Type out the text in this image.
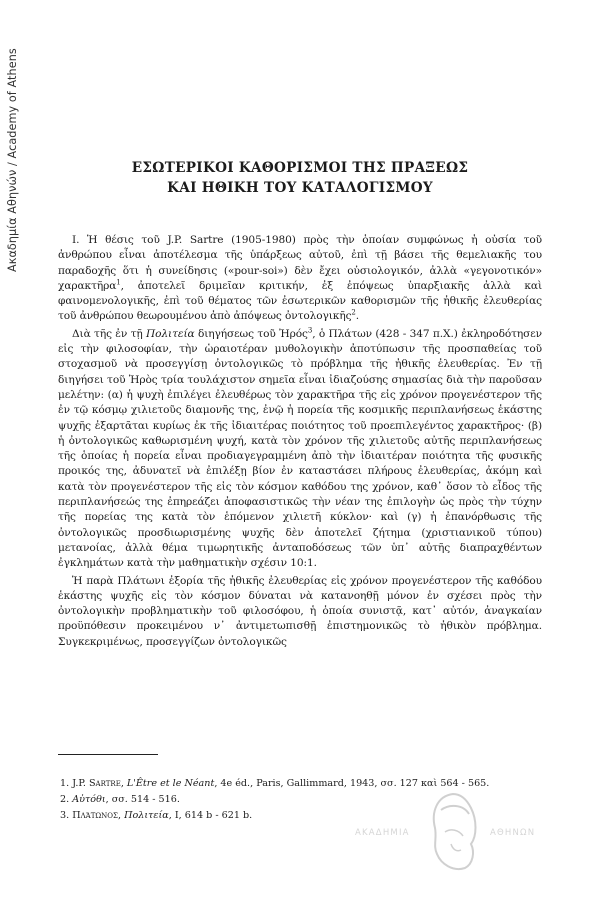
Ακαδημία Αθηνών / Academy of Athens	ΕΣΩΤΕΡΙΚΟΙ ΚΑΘΟΡΙΣΜΟΙ ΤΗΣ ΠΡΑΞΕΩΣ
ΚΑΙ ΗΘΙΚΗ ΤΟΥ ΚΑΤΑΛΟΓΙΣΜΟΥ

Ι. Ἡ θέσις τοῦ J.P. Sartre (1905-1980) πρὸς τὴν ὁποίαν συμφώνως ἡ οὐσία τοῦ ἀνθρώπου εἶναι ἀποτέλεσμα τῆς ὑπάρξεως αὐτοῦ, ἐπὶ τῇ βάσει τῆς θεμελιακῆς του παραδοχῆς ὅτι ἡ συνείδησις («pour-soi») δὲν ἔχει οὐσιολογικόν, ἀλλὰ «γεγονοτικόν» χαρακτῆρα$^1$, ἀποτελεῖ δριμεῖαν κριτικήν, ἐξ ἐπόψεως ὑπαρξιακῆς ἀλλὰ καὶ φαινομενολογικῆς, ἐπὶ τοῦ θέματος τῶν ἐσωτερικῶν καθορισμῶν τῆς ἠθικῆς ἐλευθερίας τοῦ ἀνθρώπου θεωρουμένου ἀπὸ ἀπόψεως ὀντολογικῆς$^2$.

Διὰ τῆς ἐν τῇ Πολιτεία διηγήσεως τοῦ Ἠρός$^3$, ὁ Πλάτων (428 - 347 π.Χ.) ἐκληροδότησεν εἰς τὴν φιλοσοφίαν, τὴν ὡραιοτέραν μυθολογικὴν ἀποτύπωσιν τῆς προσπαθείας τοῦ στοχασμοῦ νὰ προσεγγίσῃ ὀντολογικῶς τὸ πρόβλημα τῆς ἠθικῆς ἐλευθερίας. Ἐν τῇ διηγήσει τοῦ Ἠρὸς τρία τουλάχιστον σημεῖα εἶναι ἰδιαζούσης σημασίας διὰ τὴν παροῦσαν μελέτην: (α) ἡ ψυχὴ ἐπιλέγει ἐλευθέρως τὸν χαρακτῆρα τῆς εἰς χρόνον προγενέστερον τῆς ἐν τῷ κόσμῳ χιλιετοῦς διαμονῆς της, ἐνῷ ἡ πορεία τῆς κοσμικῆς περιπλανήσεως ἑκάστης ψυχῆς ἐξαρτᾶται κυρίως ἐκ τῆς ἰδιαιτέρας ποιότητος τοῦ προεπιλεγέντος χαρακτῆρος· (β) ἡ ὀντολογικῶς καθωρισμένη ψυχή, κατὰ τὸν χρόνον τῆς χιλιετοῦς αὐτῆς περιπλανήσεως τῆς ὁποίας ἡ πορεία εἶναι προδιαγεγραμμένη ἀπὸ τὴν ἰδιαιτέραν ποιότητα τῆς φυσικῆς προικός της, ἀδυνατεῖ νὰ ἐπιλέξῃ βίον ἐν καταστάσει πλήρους ἐλευθερίας, ἀκόμη καὶ κατὰ τὸν προγενέστερον τῆς εἰς τὸν κόσμον καθόδου της χρόνον, καθ᾽ ὅσον τὸ εἶδος τῆς περιπλανήσεώς της ἐπηρεάζει ἀποφασιστικῶς τὴν νέαν της ἐπιλογὴν ὡς πρὸς τὴν τύχην τῆς πορείας της κατὰ τὸν ἑπόμενον χιλιετῆ κύκλον· καὶ (γ) ἡ ἐπανόρθωσις τῆς ὀντολογικῶς προσδιωρισμένης ψυχῆς δὲν ἀποτελεῖ ζήτημα (χριστιανικοῦ τύπου) μετανοίας, ἀλλὰ θέμα τιμωρητικῆς ἀνταποδόσεως τῶν ὑπ᾽ αὐτῆς διαπραχθέντων ἐγκλημάτων κατὰ τὴν μαθηματικὴν σχέσιν 10:1.

Ἡ παρὰ Πλάτωνι ἐξορία τῆς ἠθικῆς ἐλευθερίας εἰς χρόνον προγενέστερον τῆς καθόδου ἑκάστης ψυχῆς εἰς τὸν κόσμον δύναται νὰ κατανοηθῇ μόνον ἐν σχέσει πρὸς τὴν ὀντολογικὴν προβληματικὴν τοῦ φιλοσόφου, ἡ ὁποία συνιστᾷ, κατ᾽ αὐτόν, ἀναγκαίαν προϋπόθεσιν προκειμένου ν᾽ ἀντιμετωπισθῇ ἐπιστημονικῶς τὸ ἠθικὸν πρόβλημα. Συγκεκριμένως, προσεγγίζων ὀντολογικῶς

1. J.P. Sartre, L'Être et le Néant, 4e éd., Paris, Gallimmard, 1943, σσ. 127 καὶ 564 - 565.
2. Αὐτόθι, σσ. 514 - 516.
3. Πλάτωνος, Πολιτεία, Ι, 614 b - 621 b.
ΑΚΑΔΗΜΙΑ	ΑΘΗΝΩΝ
